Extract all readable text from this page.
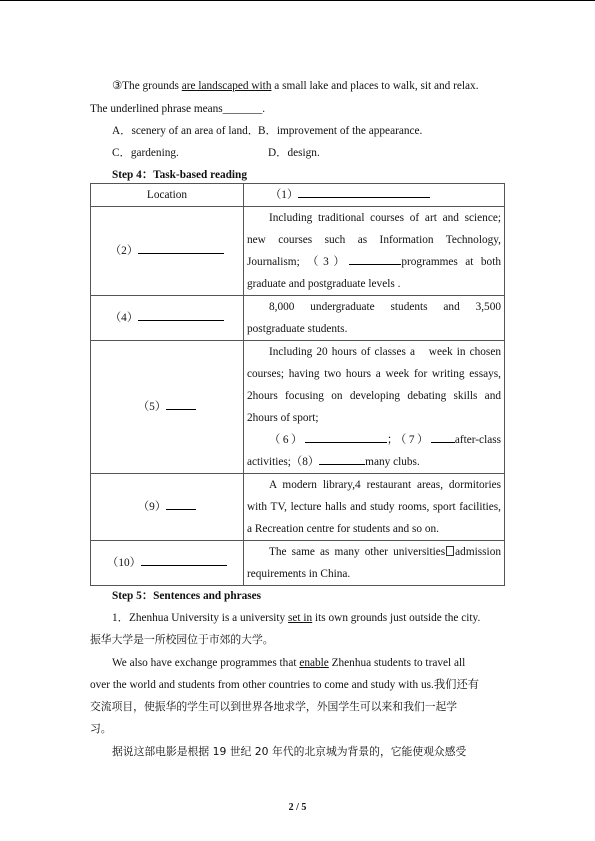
③The grounds are landscaped with a small lake and places to walk, sit and relax.
The underlined phrase means_______.
A．scenery of an area of land．
B．improvement of the appearance.
C．gardening.	D．design.
Step 4：Task-based reading
Location	（1）
（2）	Including traditional courses of art and science; new courses such as Information Technology, Journalism; （3） programmes at both graduate and postgraduate levels .
（4）	8,000 undergraduate students and 3,500 postgraduate students.
（5）	Including 20 hours of classes a　week in chosen courses; having two hours a week for writing essays, 2hours focusing on developing debating skills and 2hours of sport;
（6） ；（7） after-class activities;（8） many clubs.

（9）	A modern library,4 restaurant areas, dormitories with TV, lecture halls and study rooms, sport facilities, a Recreation centre for students and so on.
（10）	The same as many other universities admission requirements in China.
Step 5：Sentences and phrases
1．Zhenhua University is a university set in its own grounds just outside the city.
振华大学是一所校园位于市郊的大学。
We also have exchange programmes that enable Zhenhua students to travel all
over the world and students from other countries to come and study with us.我们还有
交流项目，使振华的学生可以到世界各地求学，外国学生可以来和我们一起学
习。
据说这部电影是根据 19 世纪 20 年代的北京城为背景的，它能使观众感受
2 / 5
